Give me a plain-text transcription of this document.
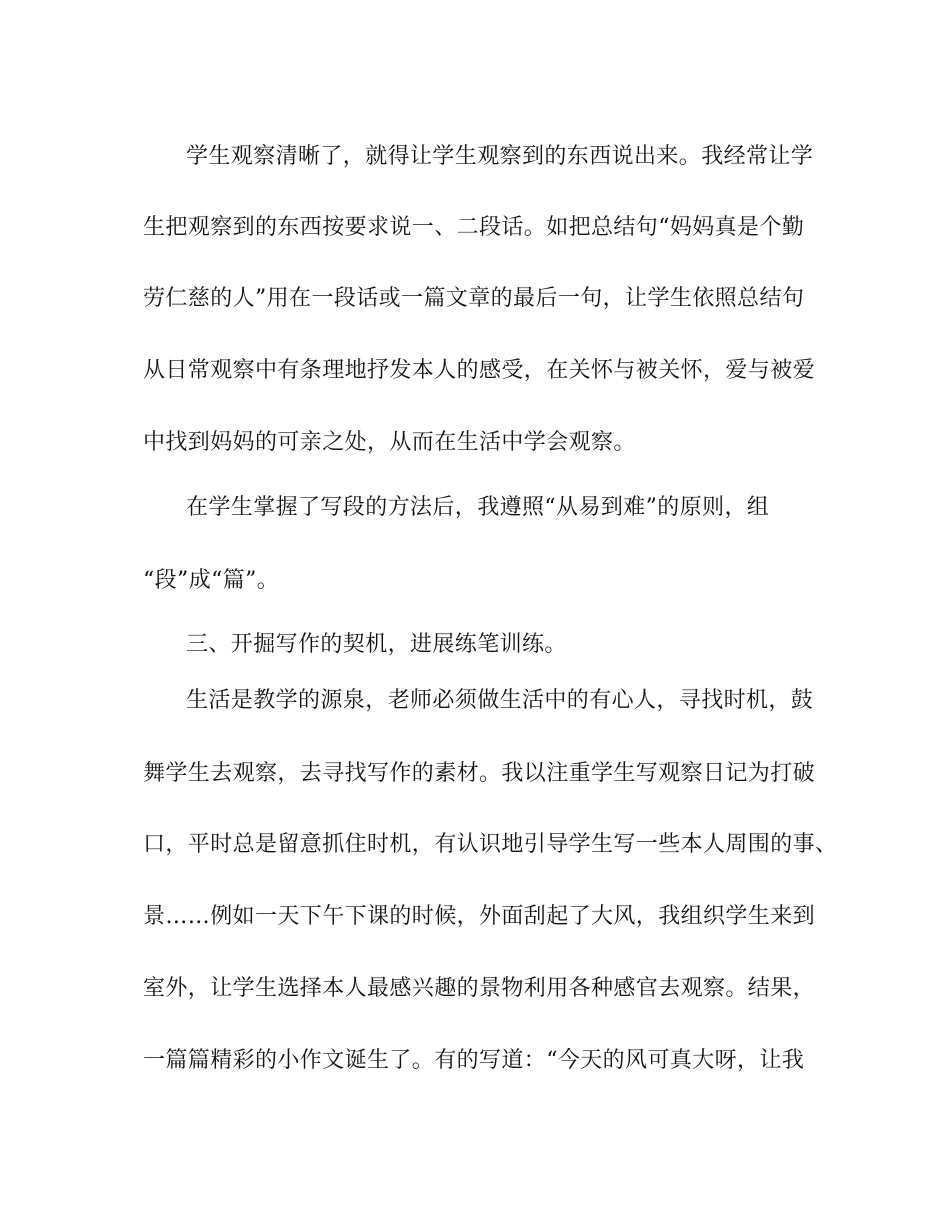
学生观察清晰了，就得让学生观察到的东西说出来。我经常让学
生把观察到的东西按要求说一、二段话。如把总结句“妈妈真是个勤
劳仁慈的人”用在一段话或一篇文章的最后一句，让学生依照总结句
从日常观察中有条理地抒发本人的感受，在关怀与被关怀，爱与被爱
中找到妈妈的可亲之处，从而在生活中学会观察。
在学生掌握了写段的方法后，我遵照“从易到难”的原则，组
“段”成“篇”。
三、开掘写作的契机，进展练笔训练。
生活是教学的源泉，老师必须做生活中的有心人，寻找时机，鼓
舞学生去观察，去寻找写作的素材。我以注重学生写观察日记为打破
口，平时总是留意抓住时机，有认识地引导学生写一些本人周围的事、
景……例如一天下午下课的时候，外面刮起了大风，我组织学生来到
室外，让学生选择本人最感兴趣的景物利用各种感官去观察。结果，
一篇篇精彩的小作文诞生了。有的写道：“今天的风可真大呀，让我
